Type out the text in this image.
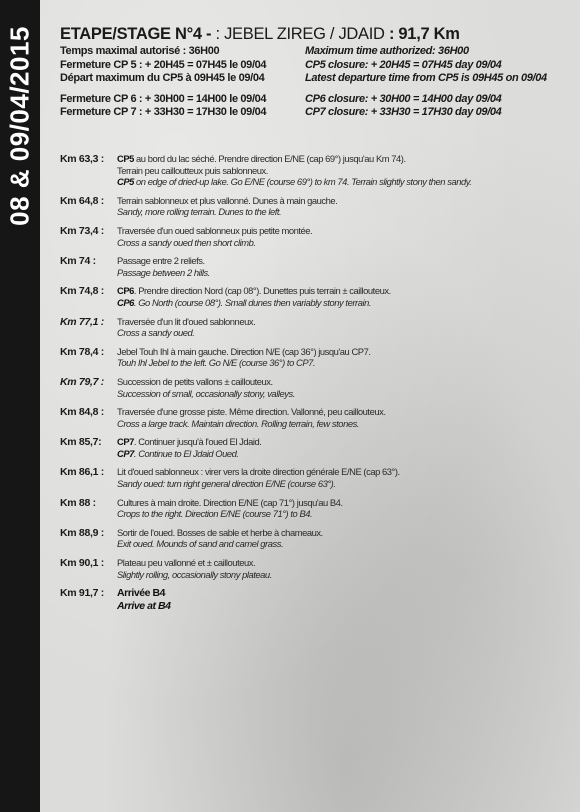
08 & 09/04/2015 ETAPE/STAGE N°4 - : JEBEL ZIREG / JDAID : 91,7 Km
Temps maximal autorisé : 36H00	Maximum time authorized: 36H00
Fermeture CP 5 : + 20H45 = 07H45 le 09/04	CP5 closure: + 20H45 = 07H45 day 09/04
Départ maximum du CP5 à 09H45 le 09/04	Latest departure time from CP5 is 09H45 on 09/04
Fermeture CP 6 : + 30H00 = 14H00 le 09/04	CP6 closure: + 30H00 = 14H00 day 09/04
Fermeture CP 7 : + 33H30 = 17H30 le 09/04	CP7 closure: + 33H30 = 17H30 day 09/04
Km 63,3 :	CP5 au bord du lac séché. Prendre direction E/NE (cap 69°) jusqu'au Km 74).
Terrain peu cailloutteux puis sablonneux.
CP5 on edge of dried-up lake. Go E/NE (course 69°) to km 74. Terrain slightly stony then sandy.
Km 64,8 :	Terrain sablonneux et plus vallonné. Dunes à main gauche.
Sandy, more rolling terrain. Dunes to the left.
Km 73,4 :	Traversée d'un oued sablonneux puis petite montée.
Cross a sandy oued then short climb.
Km 74 :	Passage entre 2 reliefs.
Passage between 2 hills.
Km 74,8 :	CP6. Prendre direction Nord (cap 08°). Dunettes puis terrain ± caillouteux.
CP6. Go North (course 08°). Small dunes then variably stony terrain.
Km 77,1 :	Traversée d'un lit d'oued sablonneux.
Cross a sandy oued.
Km 78,4 :	Jebel Touh Ihl à main gauche. Direction N/E (cap 36°) jusqu'au CP7.
Touh Ihl Jebel to the left. Go N/E (course 36°) to CP7.
Km 79,7 :	Succession de petits vallons ± caillouteux.
Succession of small, occasionally stony, valleys.
Km 84,8 :	Traversée d'une grosse piste. Même direction. Vallonné, peu caillouteux.
Cross a large track. Maintain direction. Rolling terrain, few stones.
Km 85,7:	CP7. Continuer jusqu'à l'oued El Jdaid.
CP7. Continue to El Jdaid Oued.
Km 86,1 :	Lit d'oued sablonneux : virer vers la droite direction générale E/NE (cap 63°).
Sandy oued: turn right general direction E/NE (course 63°).
Km 88 :	Cultures à main droite. Direction E/NE (cap 71°) jusqu'au B4.
Crops to the right. Direction E/NE (course 71°) to B4.
Km 88,9 :	Sortir de l'oued. Bosses de sable et herbe à chameaux.
Exit oued. Mounds of sand and camel grass.
Km 90,1 :	Plateau peu vallonné et ± caillouteux.
Slightly rolling, occasionally stony plateau.
Km 91,7 :	Arrivée B4
Arrive at B4
